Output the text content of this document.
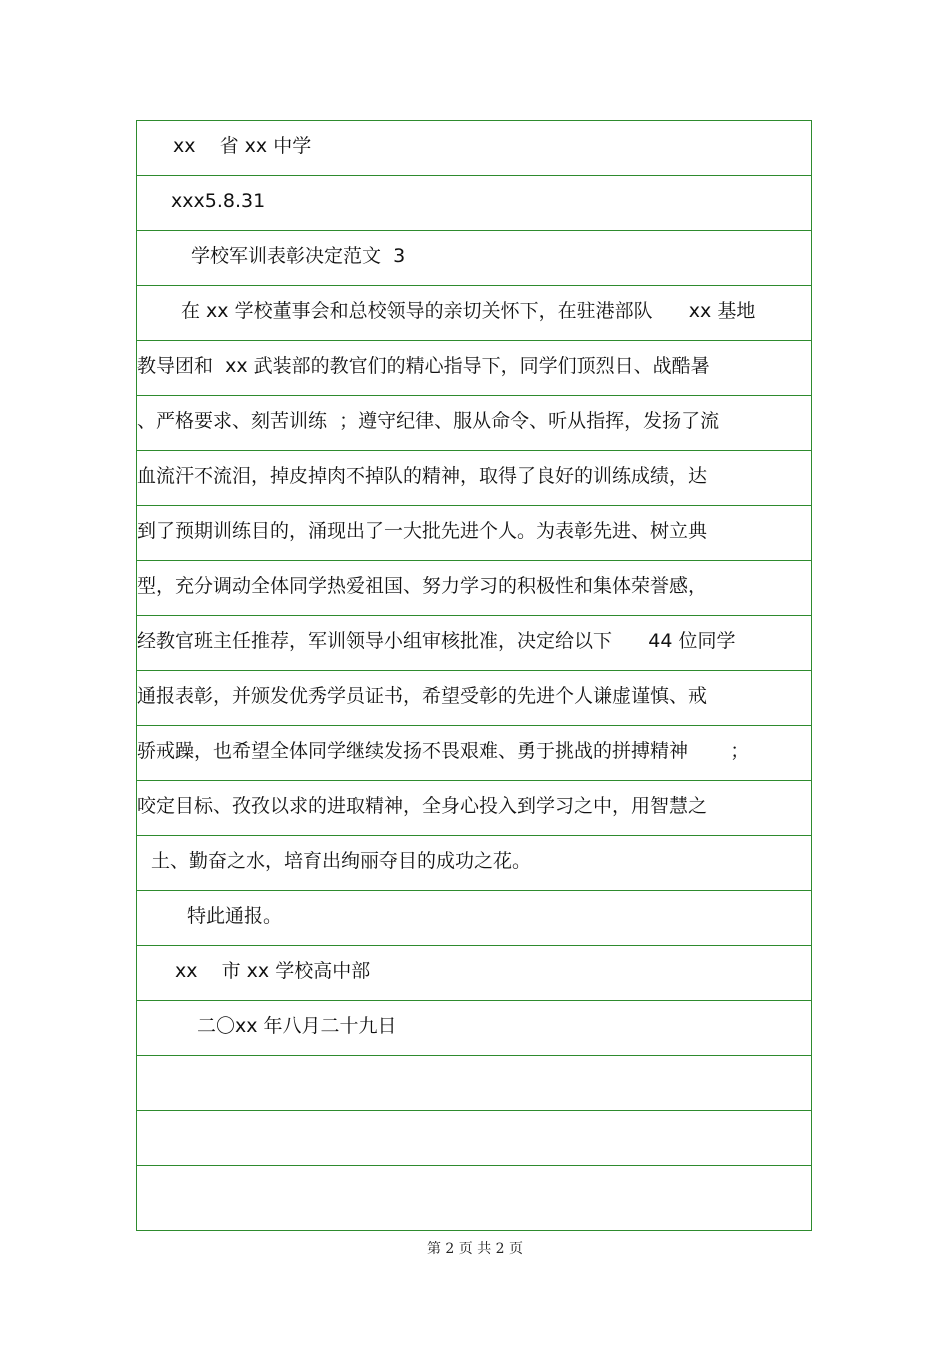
xx    省 xx 中学
xxx5.8.31
学校军训表彰决定范文  3
在 xx 学校董事会和总校领导的亲切关怀下，在驻港部队      xx 基地
教导团和  xx 武装部的教官们的精心指导下，同学们顶烈日、战酷暑
、严格要求、刻苦训练  ；遵守纪律、服从命令、听从指挥，发扬了流
血流汗不流泪，掉皮掉肉不掉队的精神，取得了良好的训练成绩，达
到了预期训练目的，涌现出了一大批先进个人。为表彰先进、树立典
型，充分调动全体同学热爱祖国、努力学习的积极性和集体荣誉感，
经教官班主任推荐，军训领导小组审核批准，决定给以下      44 位同学
通报表彰，并颁发优秀学员证书，希望受彰的先进个人谦虚谨慎、戒
骄戒躁，也希望全体同学继续发扬不畏艰难、勇于挑战的拼搏精神       ；
咬定目标、孜孜以求的进取精神，全身心投入到学习之中，用智慧之
土、勤奋之水，培育出绚丽夺目的成功之花。
特此通报。
xx    市 xx 学校高中部
二〇xx 年八月二十九日
第 2 页 共 2 页
